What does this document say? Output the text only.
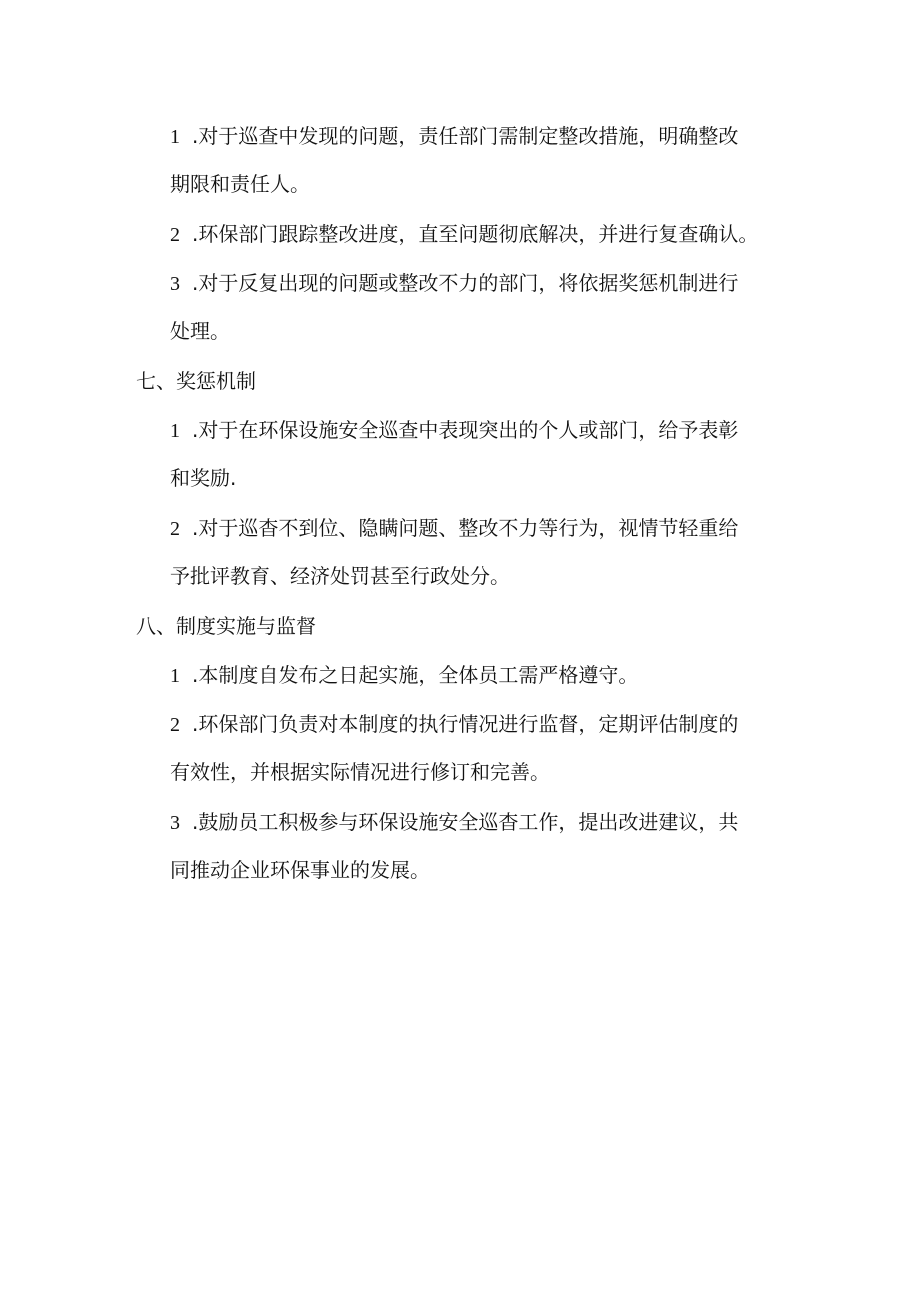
1 .对于巡查中发现的问题，责任部门需制定整改措施，明确整改
期限和责任人。
2 .环保部门跟踪整改进度，直至问题彻底解决，并进行复查确认。
3 .对于反复出现的问题或整改不力的部门，将依据奖惩机制进行
处理。
七、奖惩机制
1 .对于在环保设施安全巡查中表现突出的个人或部门，给予表彰
和奖励.
2 .对于巡杳不到位、隐瞒问题、整改不力等行为，视情节轻重给
予批评教育、经济处罚甚至行政处分。
八、制度实施与监督
1 .本制度自发布之日起实施，全体员工需严格遵守。
2 .环保部门负责对本制度的执行情况进行监督，定期评估制度的
有效性，并根据实际情况进行修订和完善。
3 .鼓励员工积极参与环保设施安全巡杳工作，提出改进建议，共
同推动企业环保事业的发展。
